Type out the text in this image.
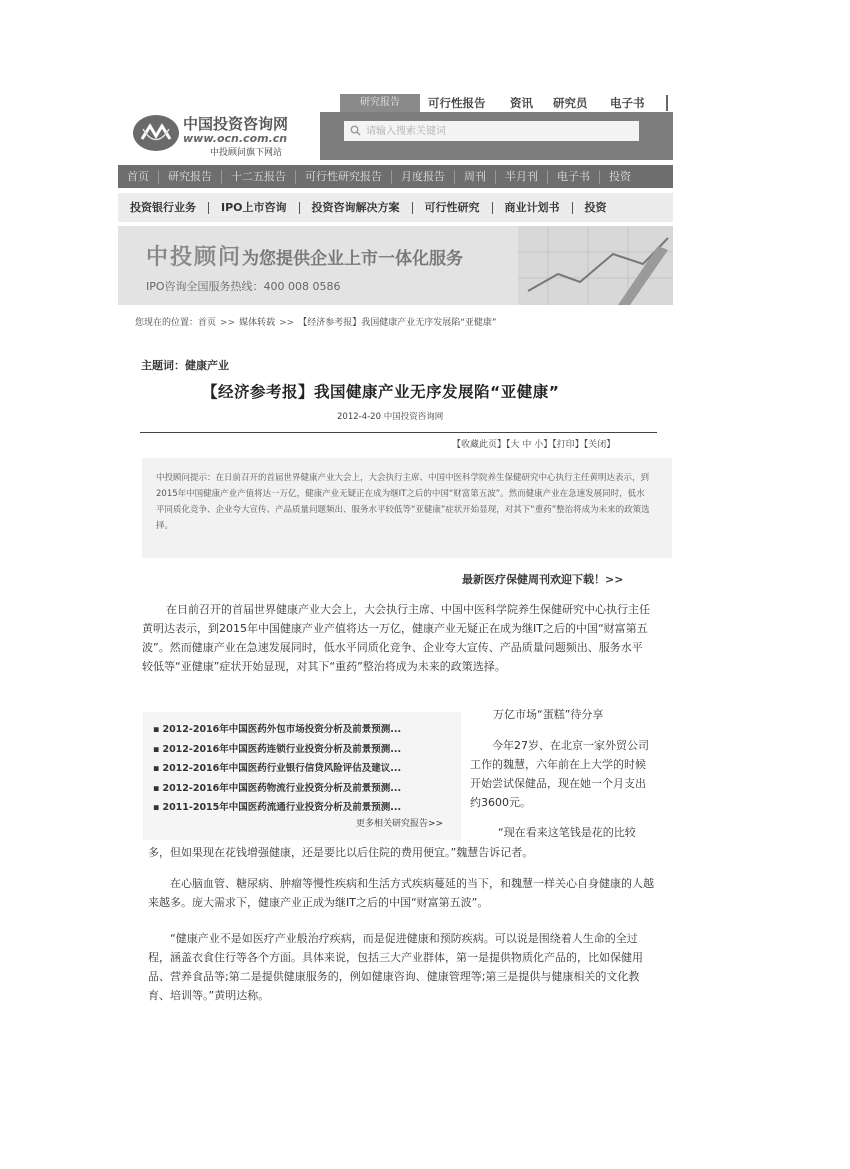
中国投资咨询网
www.ocn.com.cn
中投顾问旗下网站
研究报告	可行性报告 资讯 研究员 电子书
请输入搜索关键词
首页	研究报告	十二五报告	可行性研究报告	月度报告	周刊	半月刊	电子书	投资
投资银行业务	IPO上市咨询	投资咨询解决方案	可行性研究	商业计划书	投资
中投顾问为您提供企业上市一体化服务
IPO咨询全国服务热线：400 008 0586
您现在的位置：首页 >> 媒体转载 >> 【经济参考报】我国健康产业无序发展陷“亚健康”
主题词：健康产业
【经济参考报】我国健康产业无序发展陷“亚健康”
2012-4-20 中国投资咨询网
【收藏此页】【大 中 小】【打印】【关闭】
中投顾问提示：在日前召开的首届世界健康产业大会上，大会执行主席、中国中医科学院养生保健研究中心执行主任黄明达表示，到2015年中国健康产业产值将达一万亿，健康产业无疑正在成为继IT之后的中国“财富第五波”。然而健康产业在急速发展同时，低水平同质化竞争、企业夸大宣传、产品质量问题频出、服务水平较低等“亚健康”症状开始显现，对其下“重药”整治将成为未来的政策选择。
最新医疗保健周刊欢迎下载！>>
在日前召开的首届世界健康产业大会上，大会执行主席、中国中医科学院养生保健研究中心执行主任黄明达表示，到2015年中国健康产业产值将达一万亿，健康产业无疑正在成为继IT之后的中国“财富第五波”。然而健康产业在急速发展同时，低水平同质化竞争、企业夸大宣传、产品质量问题频出、服务水平较低等“亚健康”症状开始显现，对其下“重药”整治将成为未来的政策选择。
▪ 2012-2016年中国医药外包市场投资分析及前景预测...
▪ 2012-2016年中国医药连锁行业投资分析及前景预测...
▪ 2012-2016年中国医药行业银行信贷风险评估及建议...
▪ 2012-2016年中国医药物流行业投资分析及前景预测...
▪ 2011-2015年中国医药流通行业投资分析及前景预测...
更多相关研究报告>>
万亿市场“蛋糕”待分享
今年27岁、在北京一家外贸公司工作的魏慧，六年前在上大学的时候开始尝试保健品，现在她一个月支出约3600元。
“现在看来这笔钱是花的比较
多，但如果现在花钱增强健康，还是要比以后住院的费用便宜。”魏慧告诉记者。
在心脑血管、糖尿病、肿瘤等慢性疾病和生活方式疾病蔓延的当下，和魏慧一样关心自身健康的人越来越多。庞大需求下，健康产业正成为继IT之后的中国“财富第五波”。
“健康产业不是如医疗产业般治疗疾病，而是促进健康和预防疾病。可以说是围绕着人生命的全过程，涵盖衣食住行等各个方面。具体来说，包括三大产业群体，第一是提供物质化产品的，比如保健用品、营养食品等;第二是提供健康服务的，例如健康咨询、健康管理等;第三是提供与健康相关的文化教育、培训等。”黄明达称。
